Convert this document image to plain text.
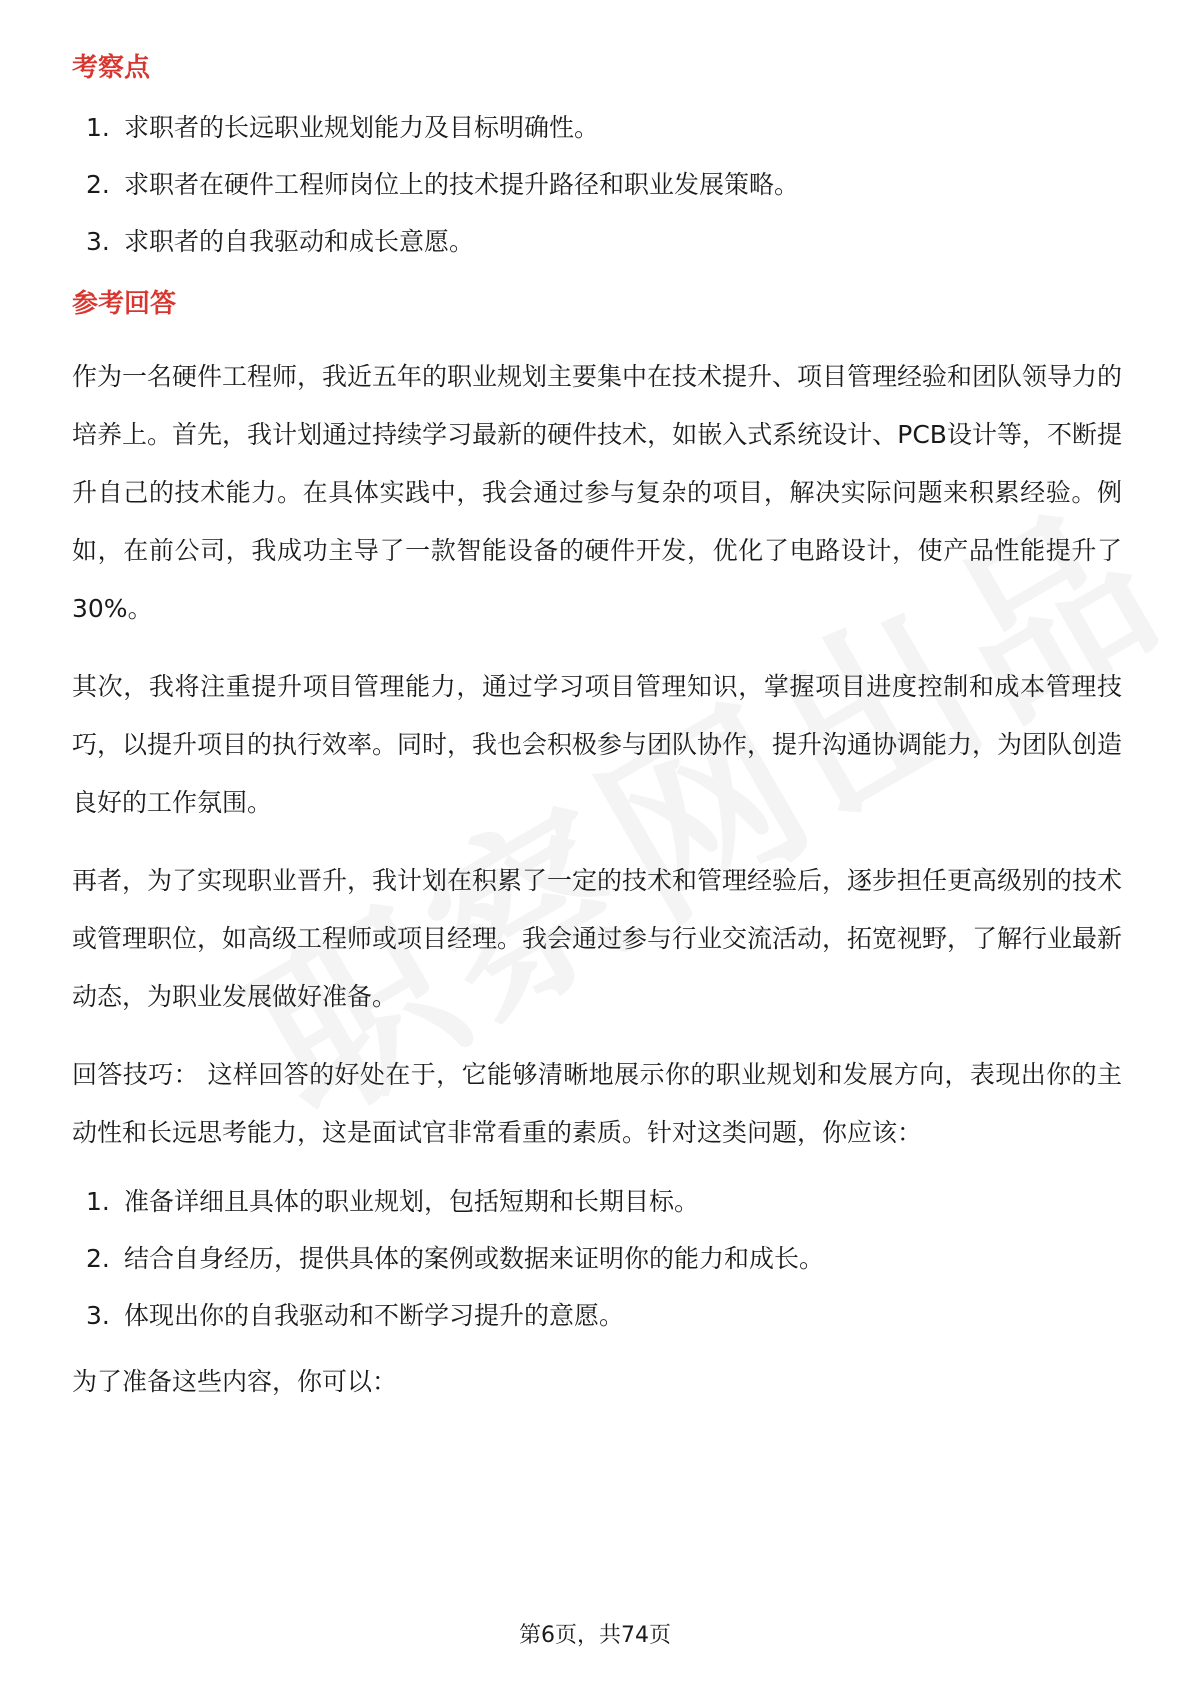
考察点
1. 求职者的长远职业规划能力及目标明确性。
2. 求职者在硬件工程师岗位上的技术提升路径和职业发展策略。
3. 求职者的自我驱动和成长意愿。
参考回答

作为一名硬件工程师，我近五年的职业规划主要集中在技术提升、项目管理经验和团队领导力的培养上。首先，我计划通过持续学习最新的硬件技术，如嵌入式系统设计、PCB设计等，不断提升自己的技术能力。在具体实践中，我会通过参与复杂的项目，解决实际问题来积累经验。例如，在前公司，我成功主导了一款智能设备的硬件开发，优化了电路设计，使产品性能提升了30%。

其次，我将注重提升项目管理能力，通过学习项目管理知识，掌握项目进度控制和成本管理技巧，以提升项目的执行效率。同时，我也会积极参与团队协作，提升沟通协调能力，为团队创造良好的工作氛围。

再者，为了实现职业晋升，我计划在积累了一定的技术和管理经验后，逐步担任更高级别的技术或管理职位，如高级工程师或项目经理。我会通过参与行业交流活动，拓宽视野，了解行业最新动态，为职业发展做好准备。

回答技巧： 这样回答的好处在于，它能够清晰地展示你的职业规划和发展方向，表现出你的主动性和长远思考能力，这是面试官非常看重的素质。针对这类问题，你应该：

1. 准备详细且具体的职业规划，包括短期和长期目标。
2. 结合自身经历，提供具体的案例或数据来证明你的能力和成长。
3. 体现出你的自我驱动和不断学习提升的意愿。

为了准备这些内容，你可以：

第6页，共74页
